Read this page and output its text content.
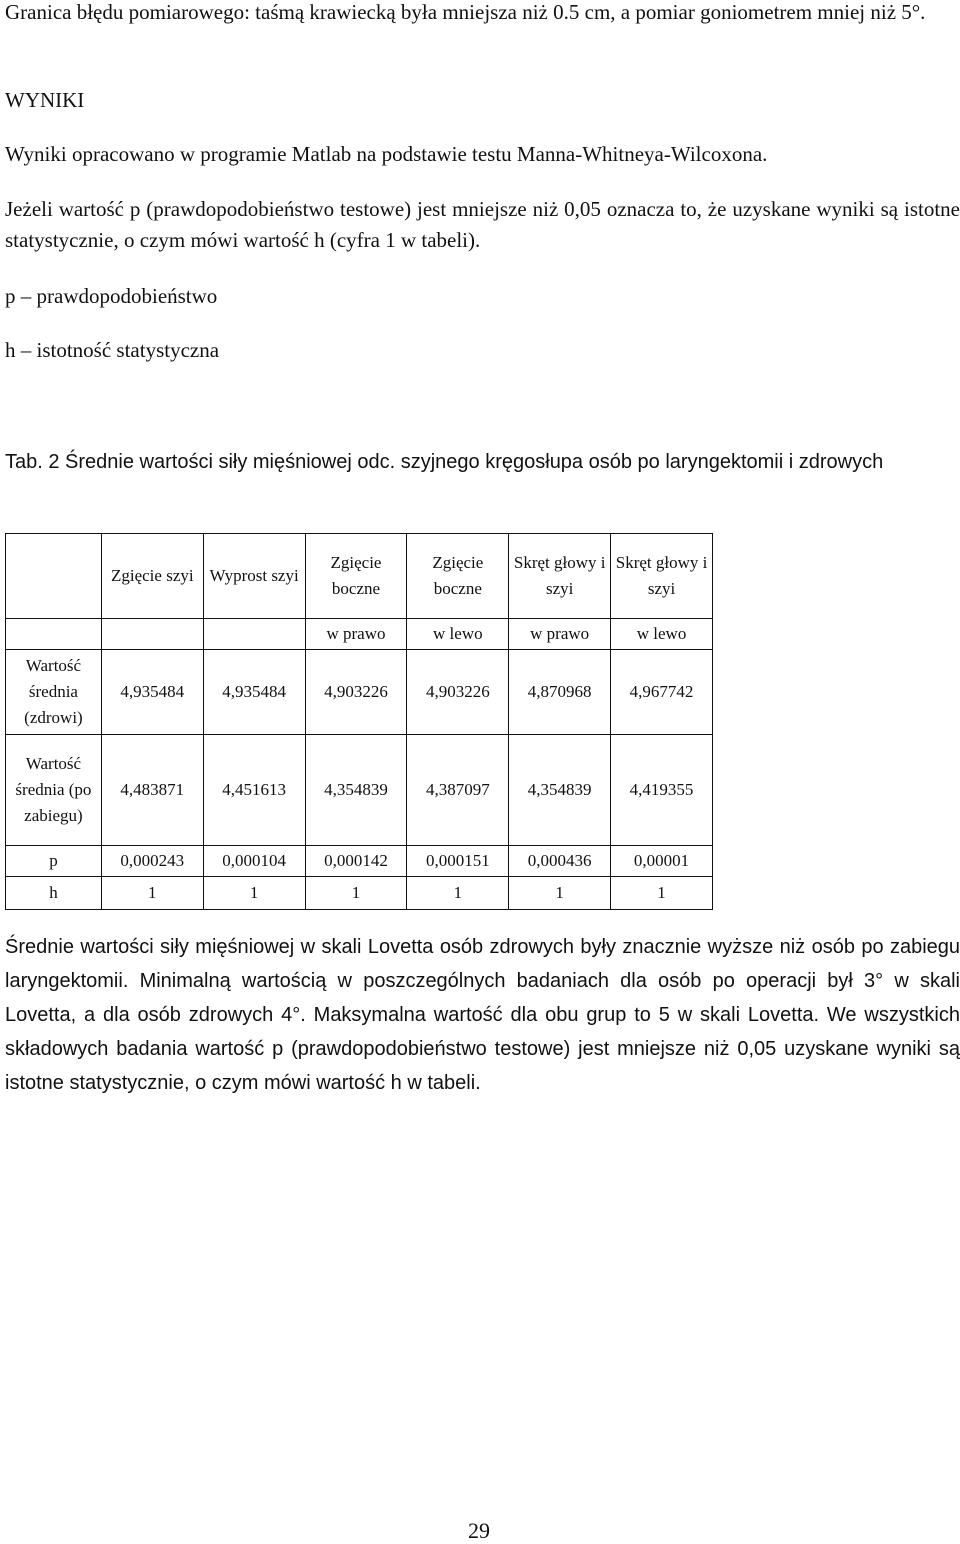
Granica błędu pomiarowego: taśmą krawiecką była mniejsza niż 0.5 cm, a pomiar goniometrem mniej niż 5°.

WYNIKI

Wyniki opracowano w programie Matlab na podstawie testu Manna-Whitneya-Wilcoxona.

Jeżeli wartość p (prawdopodobieństwo testowe) jest mniejsze niż 0,05 oznacza to, że uzyskane wyniki są istotne statystycznie, o czym mówi wartość h (cyfra 1 w tabeli).

p – prawdopodobieństwo

h – istotność statystyczna

Tab. 2 Średnie wartości siły mięśniowej odc. szyjnego kręgosłupa osób po laryngektomii i zdrowych

	Zgięcie szyi	Wyprost szyi	Zgięcie boczne	Zgięcie boczne	Skręt głowy i szyi	Skręt głowy i szyi
			w prawo	w lewo	w prawo	w lewo
Wartość średnia (zdrowi)	4,935484	4,935484	4,903226	4,903226	4,870968	4,967742
Wartość średnia (po zabiegu)	4,483871	4,451613	4,354839	4,387097	4,354839	4,419355
p	0,000243	0,000104	0,000142	0,000151	0,000436	0,00001
h	1	1	1	1	1	1

Średnie wartości siły mięśniowej w skali Lovetta osób zdrowych były znacznie wyższe niż osób po zabiegu laryngektomii. Minimalną wartością w poszczególnych badaniach dla osób po operacji był 3° w skali Lovetta, a dla osób zdrowych 4°. Maksymalna wartość dla obu grup to 5 w skali Lovetta. We wszystkich składowych badania wartość p (prawdopodobieństwo testowe) jest mniejsze niż 0,05 uzyskane wyniki są istotne statystycznie, o czym mówi wartość h w tabeli.

29
